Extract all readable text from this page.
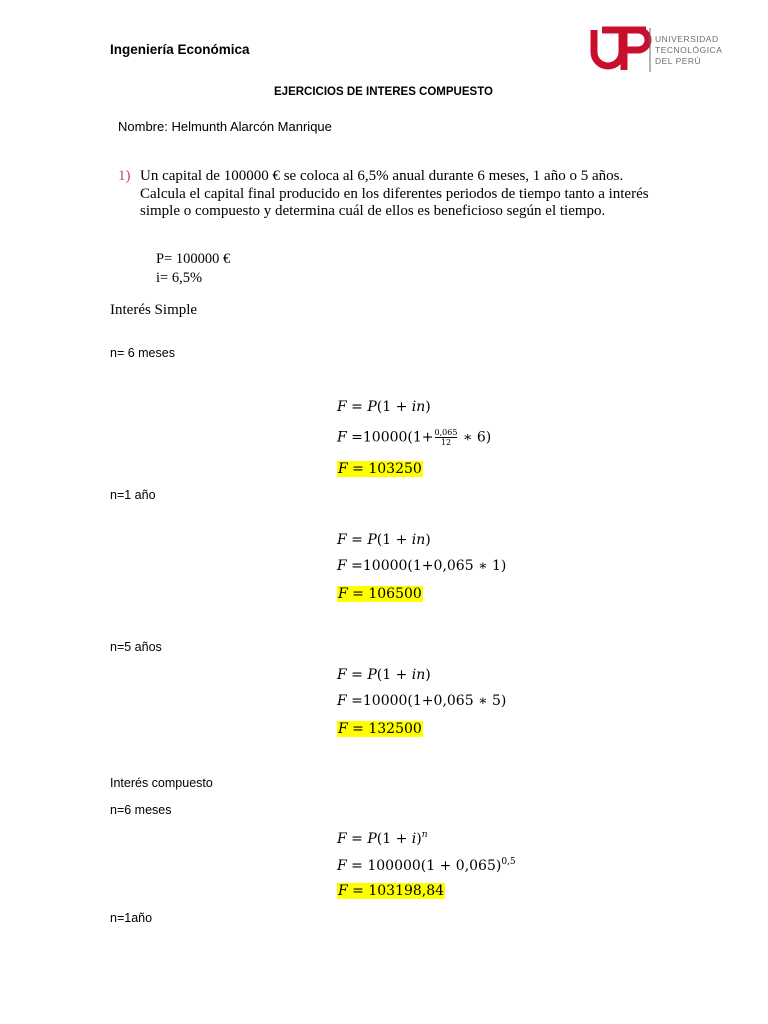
Ingeniería Económica
UNIVERSIDAD
TECNOLÓGICA
DEL PERÚ
EJERCICIOS DE INTERES COMPUESTO
Nombre: Helmunth Alarcón Manrique
1) Un capital de 100000 € se coloca al 6,5% anual durante 6 meses, 1 año o 5 años. Calcula el capital final producido en los diferentes periodos de tiempo tanto a interés simple o compuesto y determina cuál de ellos es beneficioso según el tiempo.
P= 100000 €
i= 6,5%
Interés Simple
n= 6 meses
𝐹 = 𝑃(1 + 𝑖𝑛)
𝐹 $=10000(1+ \frac{0,065}{12}$ ∗ 6)
𝐹 = 103250
n=1 año
𝐹 = 𝑃(1 + 𝑖𝑛)
𝐹 =10000(1+0,065 ∗ 1)
𝐹 = 106500
n=5 años
𝐹 = 𝑃(1 + 𝑖𝑛)
𝐹 =10000(1+0,065 ∗ 5)
𝐹 = 132500
Interés compuesto
n=6 meses
𝐹 = 𝑃(1 + 𝑖)$^𝑛$
𝐹 = $100000(1 + 0,065)^{0,5}$
𝐹 = 103198,84
n=1año
